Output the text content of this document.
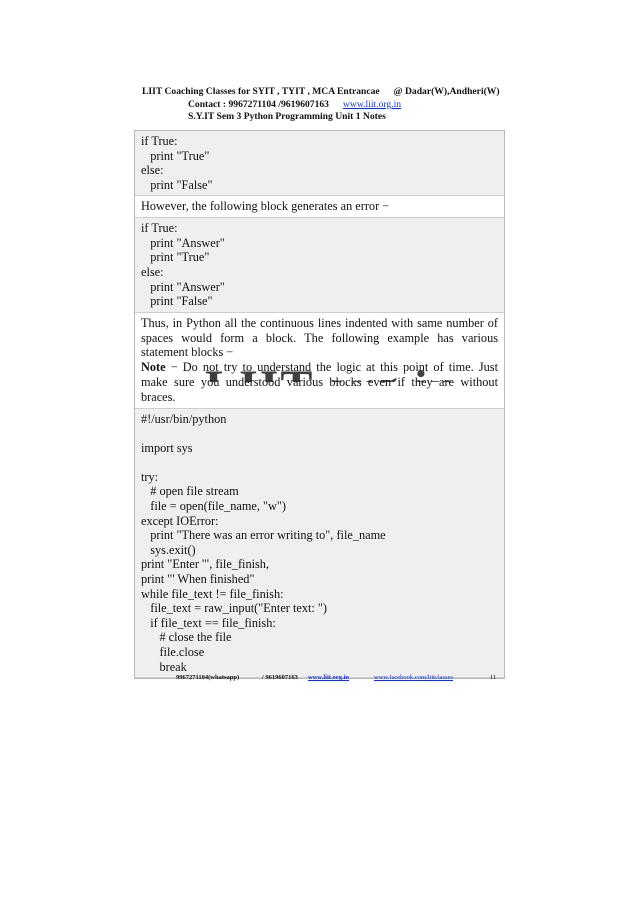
LIIT Coaching Classes for SYIT , TYIT , MCA Entrancae @ Dadar(W),Andheri(W)
Contact : 9967271104 /9619607163 www.liit.org.in
S.Y.IT Sem 3 Python Programming Unit 1 Notes
if True:
print "True"
else:
print "False"
However, the following block generates an error −
if True:
print "Answer"
print "True"
else:
print "Answer"
print "False"
Thus, in Python all the continuous lines indented with same number of spaces would form a block. The following example has various statement blocks −
Note − Do not try to understand the logic at this point of time. Just make sure you understood various blocks even if they are without braces.
#!/usr/bin/python
import sys
try:
# open file stream
file = open(file_name, "w")
except IOError:
print "There was an error writing to", file_name
sys.exit()
print "Enter '", file_finish,
print "' When finished"
while file_text != file_finish:
file_text = raw_input("Enter text: ")
if file_text == file_finish:
# close the file
file.close
break
9967271104(whatsapp)	/ 9619607163 www.liit.org.in	www.facebook.com/liitclasses	11
